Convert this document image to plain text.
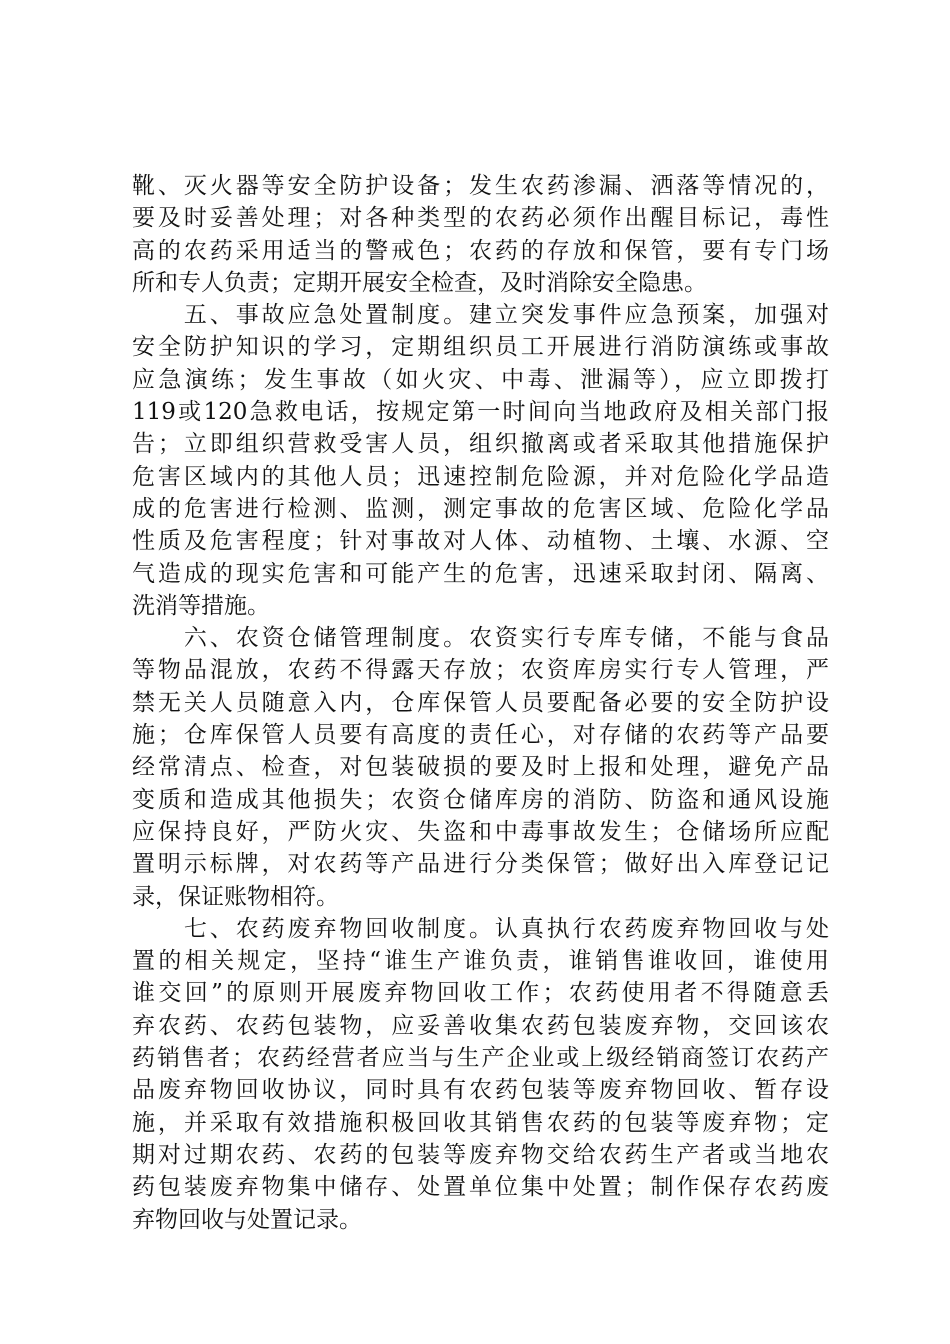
靴、灭火器等安全防护设备；发生农药渗漏、洒落等情况的，
要及时妥善处理；对各种类型的农药必须作出醒目标记，毒性
高的农药采用适当的警戒色；农药的存放和保管，要有专门场
所和专人负责；定期开展安全检查，及时消除安全隐患。
　　五、事故应急处置制度。建立突发事件应急预案，加强对
安全防护知识的学习，定期组织员工开展进行消防演练或事故
应急演练；发生事故（如火灾、中毒、泄漏等），应立即拨打
119或120急救电话，按规定第一时间向当地政府及相关部门报
告；立即组织营救受害人员，组织撤离或者采取其他措施保护
危害区域内的其他人员；迅速控制危险源，并对危险化学品造
成的危害进行检测、监测，测定事故的危害区域、危险化学品
性质及危害程度；针对事故对人体、动植物、土壤、水源、空
气造成的现实危害和可能产生的危害，迅速采取封闭、隔离、
洗消等措施。
　　六、农资仓储管理制度。农资实行专库专储，不能与食品
等物品混放，农药不得露天存放；农资库房实行专人管理，严
禁无关人员随意入内，仓库保管人员要配备必要的安全防护设
施；仓库保管人员要有高度的责任心，对存储的农药等产品要
经常清点、检查，对包装破损的要及时上报和处理，避免产品
变质和造成其他损失；农资仓储库房的消防、防盗和通风设施
应保持良好，严防火灾、失盗和中毒事故发生；仓储场所应配
置明示标牌，对农药等产品进行分类保管；做好出入库登记记
录，保证账物相符。
　　七、农药废弃物回收制度。认真执行农药废弃物回收与处
置的相关规定，坚持“谁生产谁负责，谁销售谁收回，谁使用
谁交回”的原则开展废弃物回收工作；农药使用者不得随意丢
弃农药、农药包装物，应妥善收集农药包装废弃物，交回该农
药销售者；农药经营者应当与生产企业或上级经销商签订农药产
品废弃物回收协议，同时具有农药包装等废弃物回收、暂存设
施，并采取有效措施积极回收其销售农药的包装等废弃物；定
期对过期农药、农药的包装等废弃物交给农药生产者或当地农
药包装废弃物集中储存、处置单位集中处置；制作保存农药废
弃物回收与处置记录。
